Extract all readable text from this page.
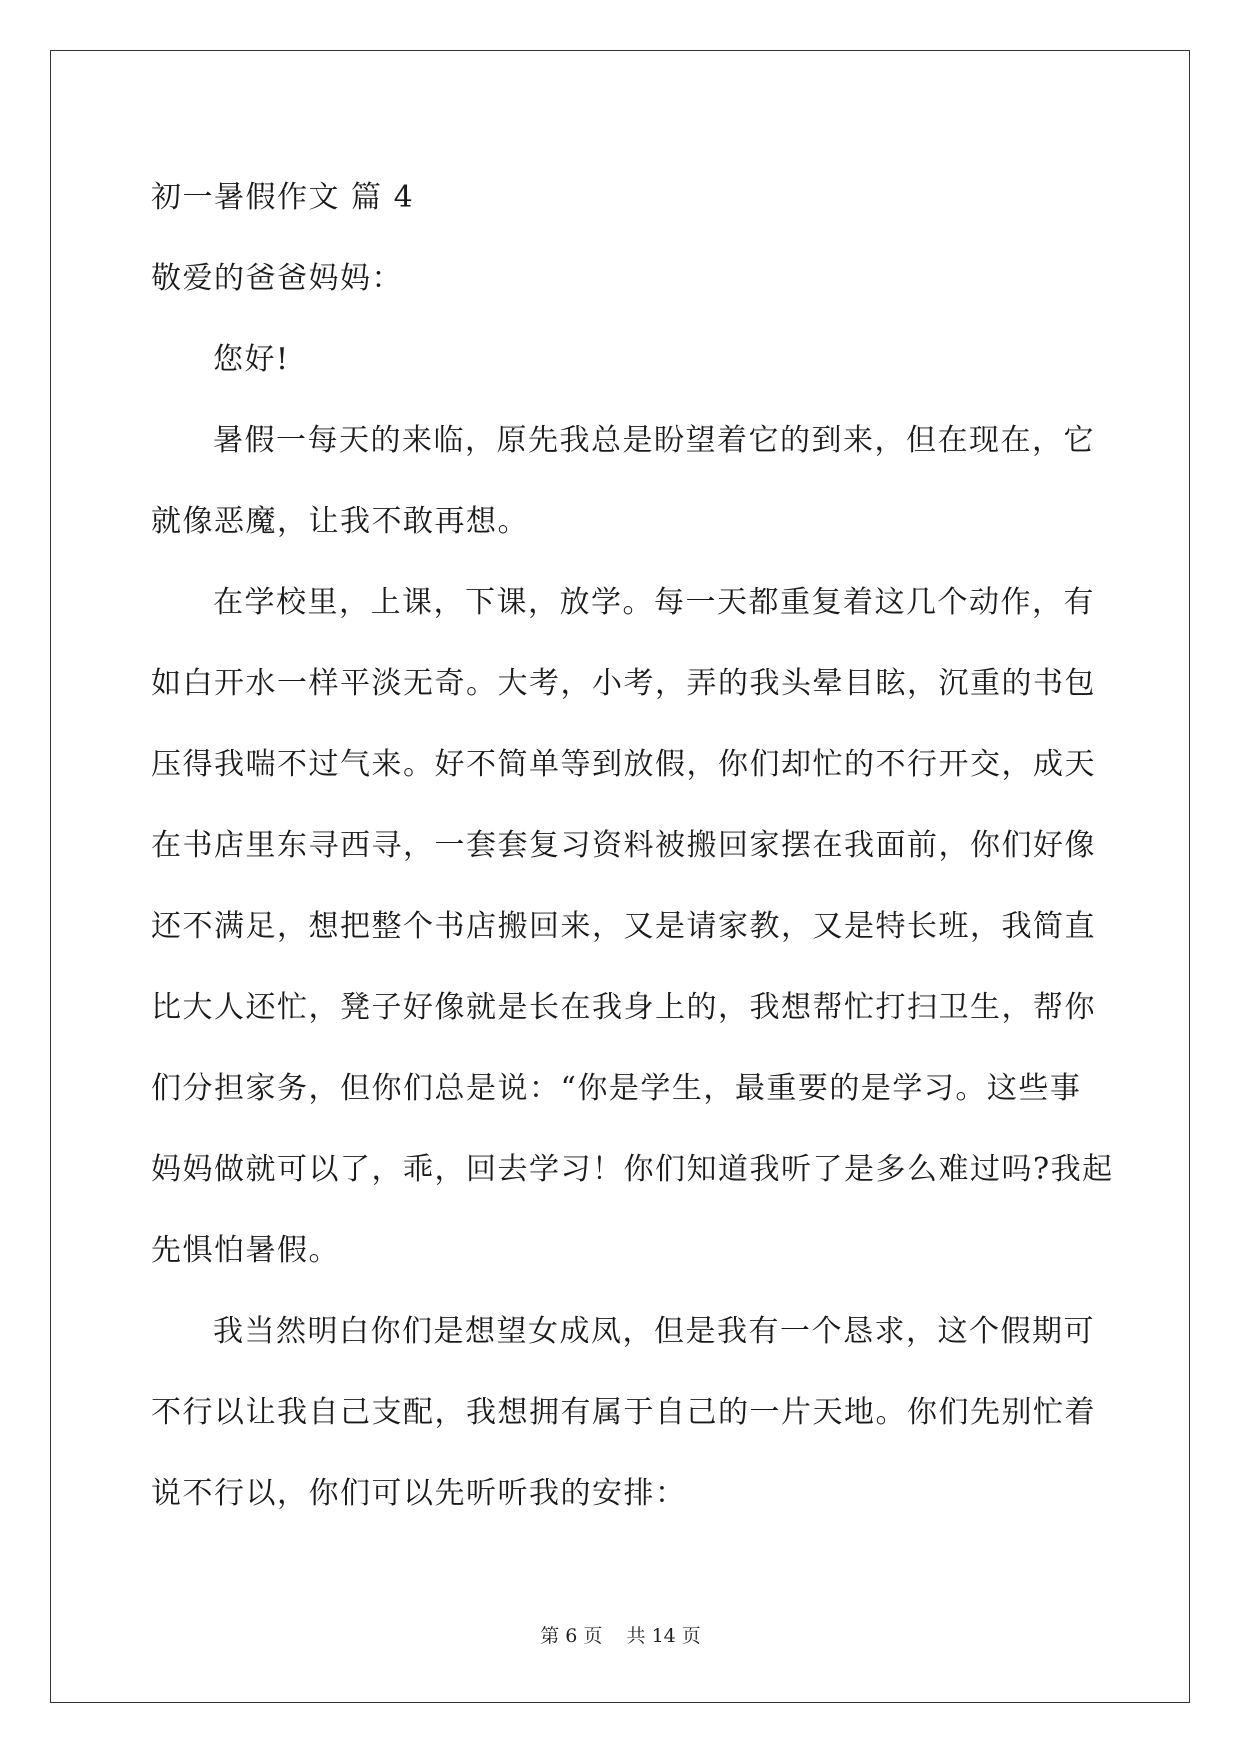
初一暑假作文 篇 4
敬爱的爸爸妈妈：
您好!
暑假一每天的来临，原先我总是盼望着它的到来，但在现在，它
就像恶魔，让我不敢再想。
在学校里，上课，下课，放学。每一天都重复着这几个动作，有
如白开水一样平淡无奇。大考，小考，弄的我头晕目眩，沉重的书包
压得我喘不过气来。好不简单等到放假，你们却忙的不行开交，成天
在书店里东寻西寻，一套套复习资料被搬回家摆在我面前，你们好像
还不满足，想把整个书店搬回来，又是请家教，又是特长班，我简直
比大人还忙，凳子好像就是长在我身上的，我想帮忙打扫卫生，帮你
们分担家务，但你们总是说：“你是学生，最重要的是学习。这些事
妈妈做就可以了，乖，回去学习！你们知道我听了是多么难过吗?我起
先惧怕暑假。
我当然明白你们是想望女成凤，但是我有一个恳求，这个假期可
不行以让我自己支配，我想拥有属于自己的一片天地。你们先别忙着
说不行以，你们可以先听听我的安排：
第 6 页    共 14 页
